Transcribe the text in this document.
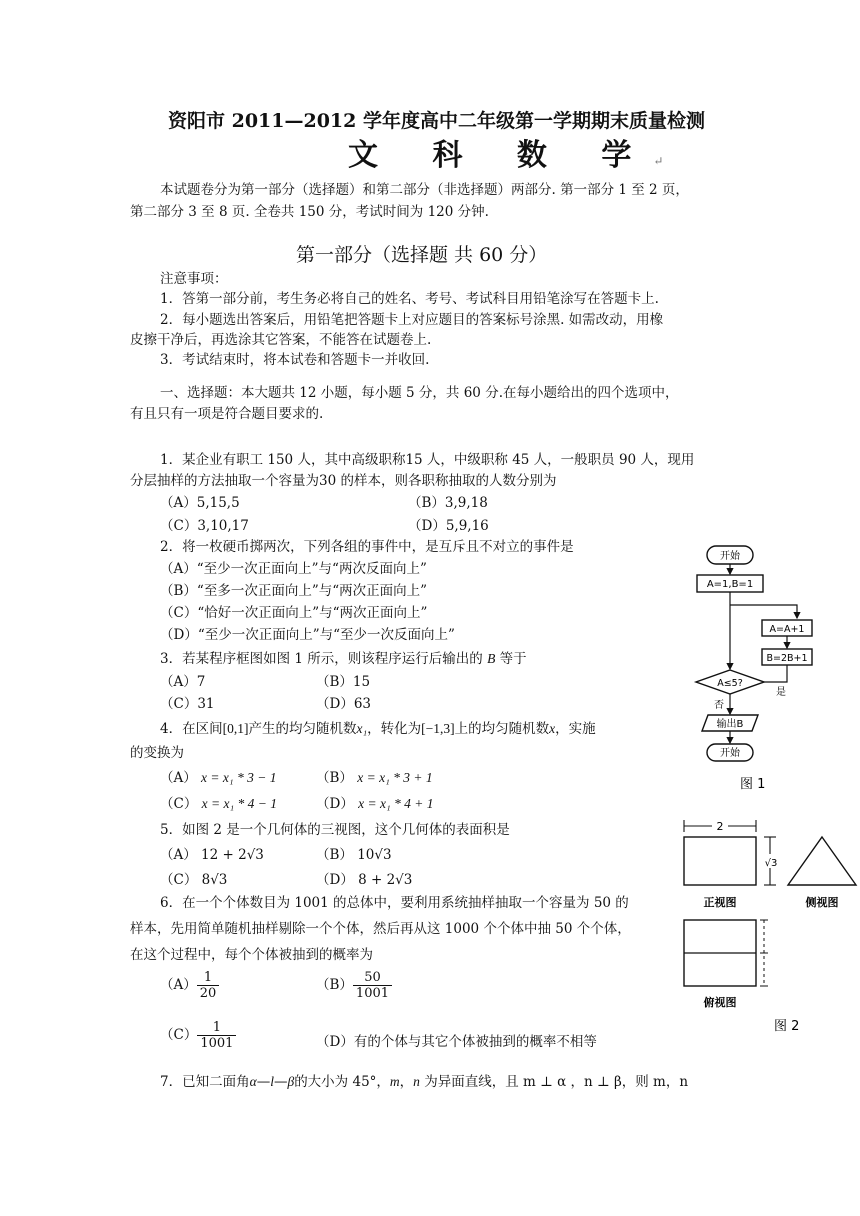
资阳市 2011—2012 学年度高中二年级第一学期期末质量检测
文 科 数 学↵
本试题卷分为第一部分（选择题）和第二部分（非选择题）两部分. 第一部分 1 至 2 页，
第二部分 3 至 8 页. 全卷共 150 分，考试时间为 120 分钟.
第一部分（选择题 共 60 分）
注意事项：
1．答第一部分前，考生务必将自己的姓名、考号、考试科目用铅笔涂写在答题卡上.
2．每小题选出答案后，用铅笔把答题卡上对应题目的答案标号涂黑. 如需改动，用橡
皮擦干净后，再选涂其它答案，不能答在试题卷上.
3．考试结束时，将本试卷和答题卡一并收回.
一、选择题：本大题共 12 小题，每小题 5 分，共 60 分.在每小题给出的四个选项中，
有且只有一项是符合题目要求的.
1．某企业有职工 150 人，其中高级职称15 人，中级职称 45 人，一般职员 90 人，现用
分层抽样的方法抽取一个容量为30 的样本，则各职称抽取的人数分别为
（A）5,15,5	（B）3,9,18
（C）3,10,17	（D）5,9,16
2．将一枚硬币掷两次，下列各组的事件中，是互斥且不对立的事件是
（A）“至少一次正面向上”与“两次反面向上”
（B）“至多一次正面向上”与“两次正面向上”
（C）“恰好一次正面向上”与“两次正面向上”
（D）“至少一次正面向上”与“至少一次反面向上”
3．若某程序框图如图 1 所示，则该程序运行后输出的 B 等于
（A）7	（B）15
（C）31	（D）63
4．在区间[0,1]产生的均匀随机数x₁，转化为[−1,3]上的均匀随机数x，实施
的变换为
（A） x = x₁ * 3 − 1	（B） x = x₁ * 3 + 1
（C） x = x₁ * 4 − 1	（D） x = x₁ * 4 + 1
5．如图 2 是一个几何体的三视图，这个几何体的表面积是
（A） 12 + 2√3	（B） 10√3
（C） 8√3	（D） 8 + 2√3
6．在一个个体数目为 1001 的总体中，要利用系统抽样抽取一个容量为 50 的
样本，先用简单随机抽样剔除一个个体，然后再从这 1000 个个体中抽 50 个个体，
在这个过程中，每个个体被抽到的概率为
$(A) \frac{1}{20}$	$(B) \frac{50}{1001}$
$(C) \frac{1}{1001}$	（D）有的个体与其它个体被抽到的概率不相等
7．已知二面角α—l—β的大小为 45°，m，n 为异面直线，且 m ⊥ α ，n ⊥ β，则 m，n
开始
A=1,B=1
A=A+1
B=2B+1
A≤5?
是
否
输出B
开始
图 1
2
√3
正视图	侧视图
俯视图
图 2
